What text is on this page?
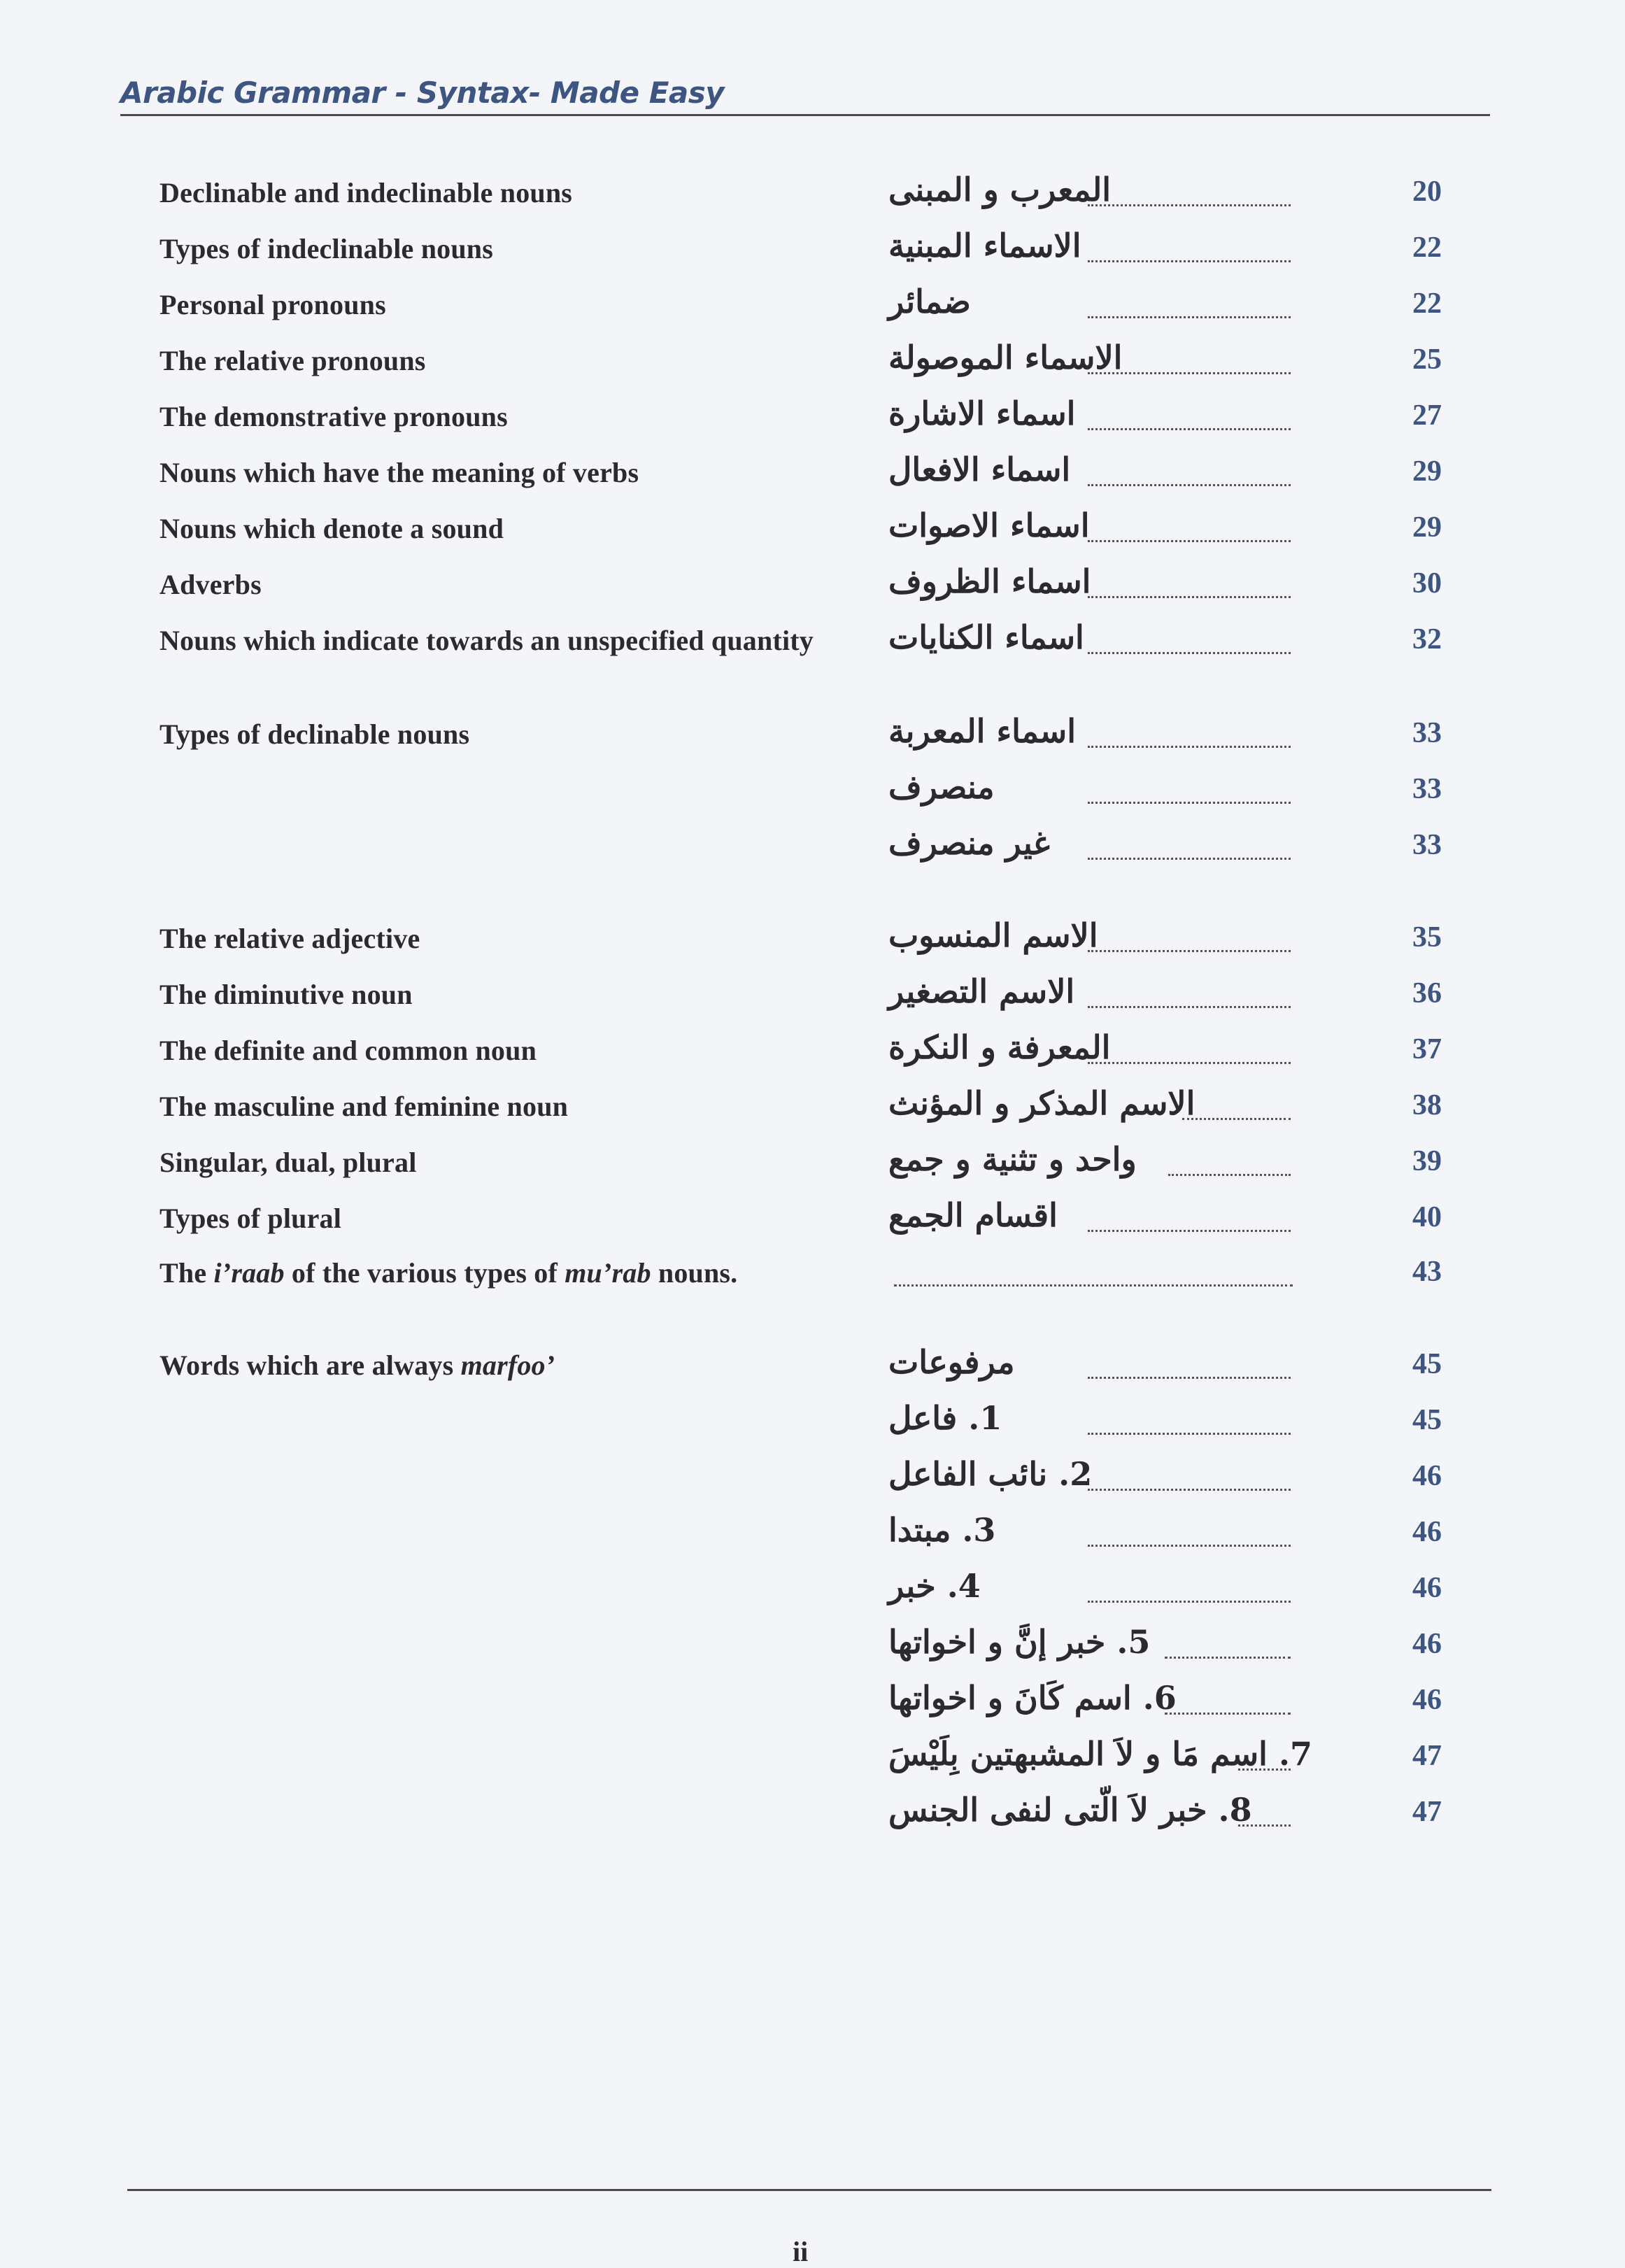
Arabic Grammar - Syntax- Made Easy
Declinable and indeclinable nouns	المعرب و المبنى	20
Types of indeclinable nouns	الاسماء المبنية	22
Personal pronouns	ضمائر	22
The relative pronouns	الاسماء الموصولة	25
The demonstrative pronouns	اسماء الاشارة	27
Nouns which have the meaning of verbs	اسماء الافعال	29
Nouns which denote a sound	اسماء الاصوات	29
Adverbs	اسماء الظروف	30
Nouns which indicate towards an unspecified quantity اسماء الكنايات	32
Types of declinable nouns	اسماء المعربة	33
منصرف	33
غير منصرف	33
The relative adjective	الاسم المنسوب	35
The diminutive noun	الاسم التصغير	36
The definite and common noun	المعرفة و النكرة	37
The masculine and feminine noun	الاسم المذكر و المؤنث	38
Singular, dual, plural	واحد و تثنية و جمع	39
Types of plural	اقسام الجمع	40
The i’raab of the various types of mu’rab nouns.	43
Words which are always marfoo’	مرفوعات	45
1. فاعل	45
2. نائب الفاعل	46
3. مبتدا	46
4. خبر	46
5. خبر إنَّ و اخواتها	46
6. اسم كَانَ و اخواتها	46
7. اسم مَا و لاَ المشبهتين بِلَيْسَ	47
8. خبر لاَ الّتى لنفى الجنس	47
ii
